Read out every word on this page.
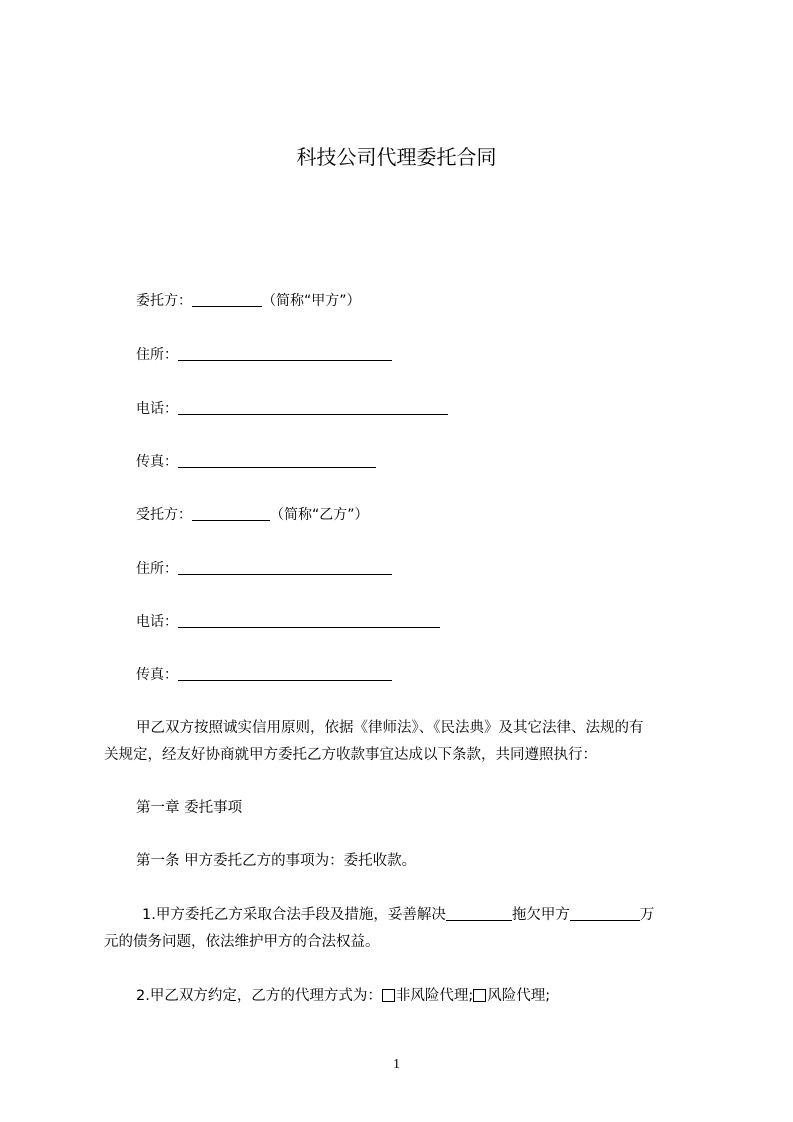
科技公司代理委托合同
委托方：	（简称“甲方”）
住所：
电话：
传真：
受托方：	（简称“乙方”）
住所：
电话：
传真：
甲乙双方按照诚实信用原则，依据《律师法》、《民法典》及其它法律、法规的有
关规定，经友好协商就甲方委托乙方收款事宜达成以下条款，共同遵照执行：
第一章 委托事项
第一条 甲方委托乙方的事项为：委托收款。
1.甲方委托乙方采取合法手段及措施，妥善解决	拖欠甲方	万
元的债务问题，依法维护甲方的合法权益。
2.甲乙双方约定，乙方的代理方式为： 非风险代理; 风险代理;
1
